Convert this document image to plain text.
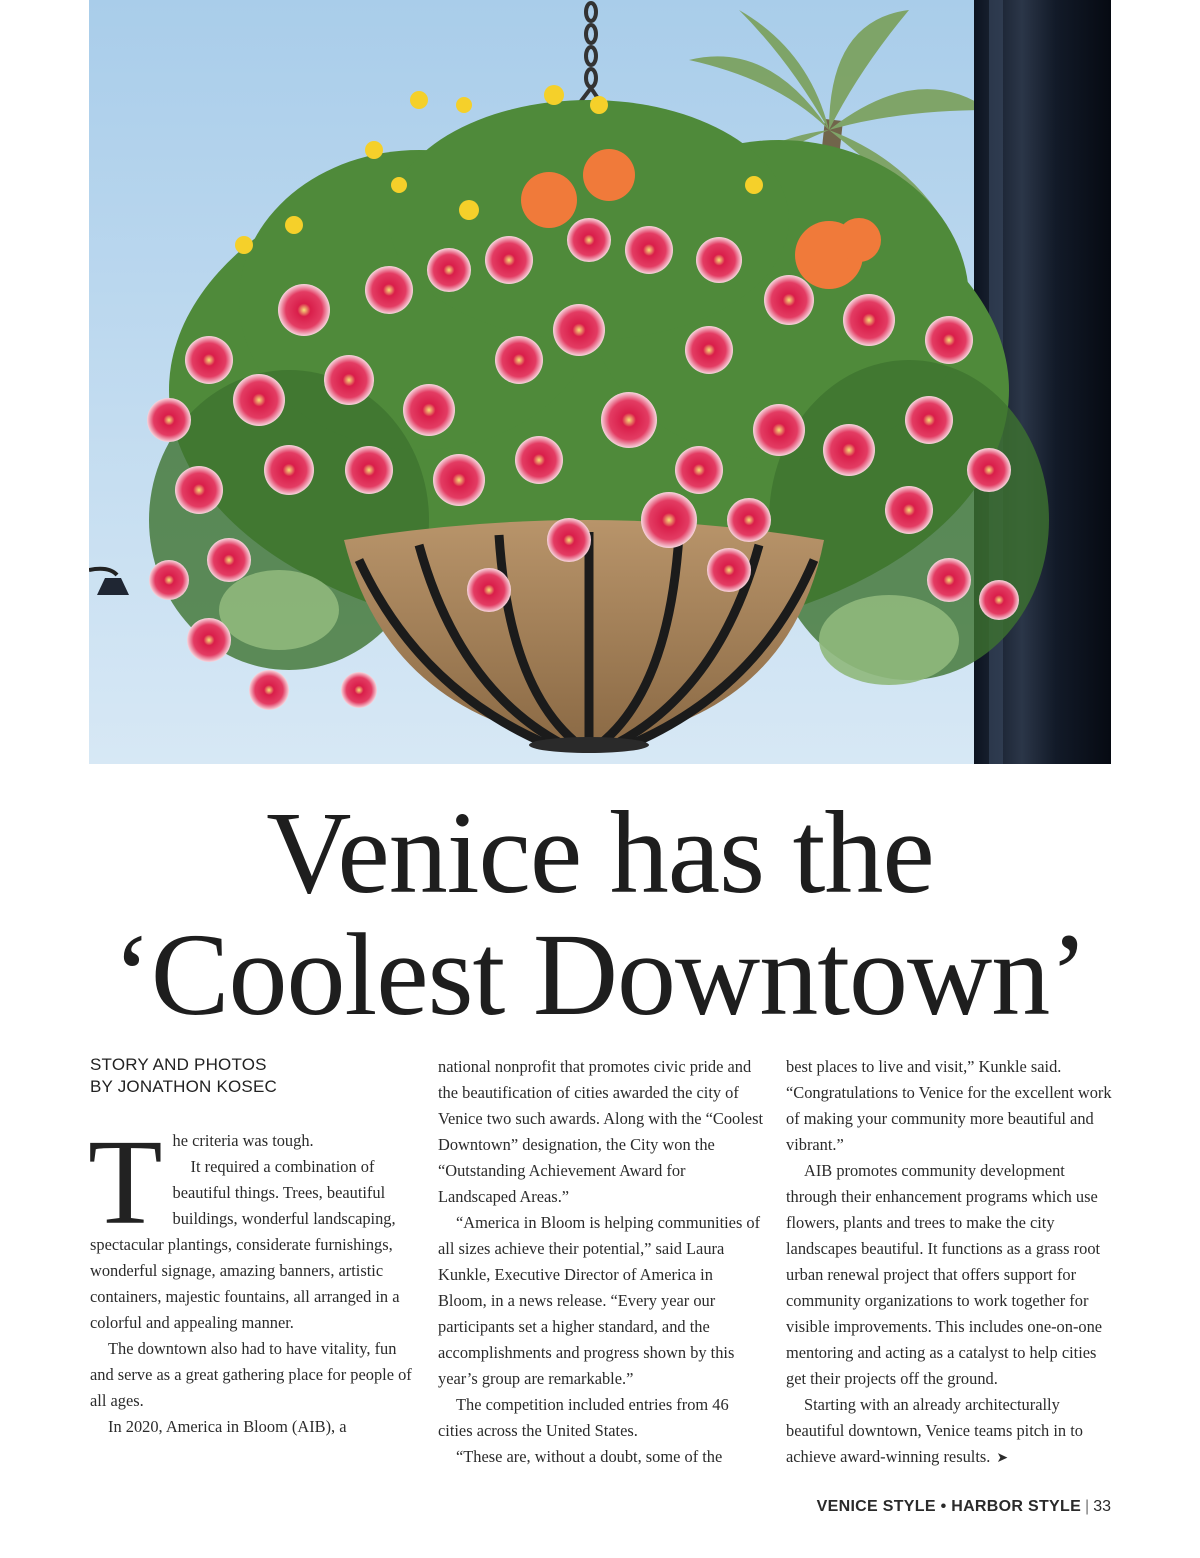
Venice has the
‘Coolest Downtown’
STORY AND PHOTOS
BY JONATHON KOSEC
T he criteria was tough.

It required a combination of beautiful things. Trees, beautiful buildings, wonderful landscaping, spectacular plantings, considerate furnishings, wonderful signage, amazing banners, artistic containers, majestic fountains, all arranged in a colorful and appealing manner.

The downtown also had to have vitality, fun and serve as a great gathering place for people of all ages.

In 2020, America in Bloom (AIB), a

national nonprofit that promotes civic pride and the beautification of cities awarded the city of Venice two such awards. Along with the “Coolest Downtown” designation, the City won the “Outstanding Achievement Award for Landscaped Areas.”

“America in Bloom is helping communities of all sizes achieve their potential,” said Laura Kunkle, Executive Director of America in Bloom, in a news release. “Every year our participants set a higher standard, and the accomplishments and progress shown by this year’s group are remarkable.”

The competition included entries from 46 cities across the United States.

“These are, without a doubt, some of the

best places to live and visit,” Kunkle said. “Congratulations to Venice for the excellent work of making your community more beautiful and vibrant.”

AIB promotes community development through their enhancement programs which use flowers, plants and trees to make the city landscapes beautiful. It functions as a grass root urban renewal project that offers support for community organizations to work together for visible improvements. This includes one-on-one mentoring and acting as a catalyst to help cities get their projects off the ground.

Starting with an already architecturally beautiful downtown, Venice teams pitch in to achieve award-winning results. ➤

VENICE STYLE • HARBOR STYLE | 33
